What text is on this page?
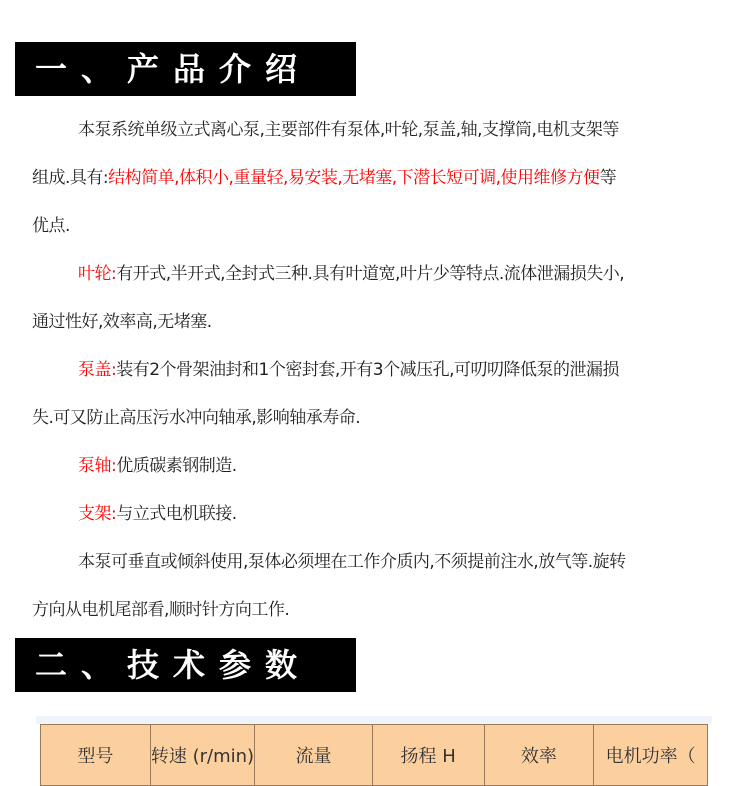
一、产品介绍
本泵系统单级立式离心泵,主要部件有泵体,叶轮,泵盖,轴,支撑筒,电机支架等
组成.具有:结构简单,体积小,重量轻,易安装,无堵塞,下潜长短可调,使用维修方便等
优点.
叶轮:有开式,半开式,全封式三种.具有叶道宽,叶片少等特点.流体泄漏损失小,
通过性好,效率高,无堵塞.
泵盖:装有2个骨架油封和1个密封套,开有3个减压孔,可叨叨降低泵的泄漏损
失.可又防止高压污水冲向轴承,影响轴承寿命.
泵轴:优质碳素钢制造.
支架:与立式电机联接.
本泵可垂直或倾斜使用,泵体必须埋在工作介质内,不须提前注水,放气等.旋转
方向从电机尾部看,顺时针方向工作.
二、技术参数
型号	转速 (r/min)	流量	扬程 H	效率	电机功率（
